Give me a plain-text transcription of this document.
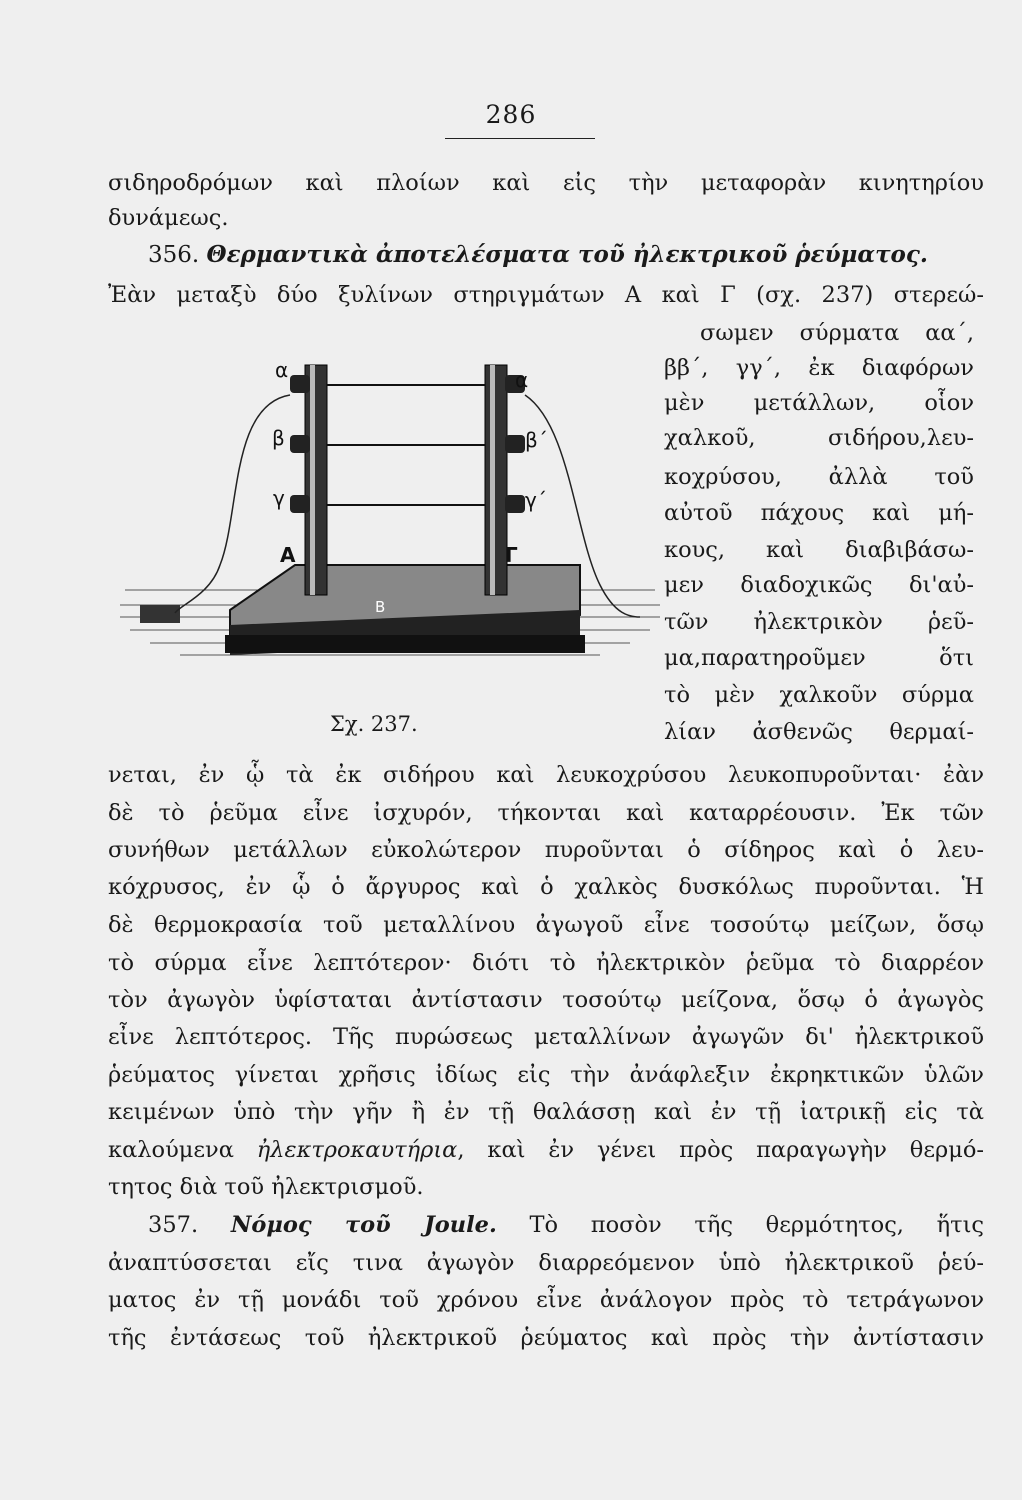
286
σιδηροδρόμων καὶ πλοίων καὶ εἰς τὴν μεταφορὰν κινητηρίου
δυνάμεως.
356. Θερμαντικὰ ἀποτελέσματα τοῦ ἠλεκτρικοῦ ῥεύματος.
Ἐὰν μεταξὺ δύο ξυλίνων στηριγμάτων Α καὶ Γ (σχ. 237) στερεώ-
σωμεν σύρματα αα΄,
ββ΄, γγ΄, ἐκ διαφόρων
μὲν μετάλλων, οἷον
χαλκοῦ, σιδήρου,λευ-
κοχρύσου, ἀλλὰ τοῦ
αὐτοῦ πάχους καὶ μή-
κους, καὶ διαβιβάσω-
μεν διαδοχικῶς δι'αὐ-
τῶν ἠλεκτρικὸν ῥεῦ-
μα,παρατηροῦμεν ὅτι
τὸ μὲν χαλκοῦν σύρμα
λίαν ἀσθενῶς θερμαί-
α	α
β	β΄
γ	γ΄
Α	Γ
Β
Σχ. 237.
νεται, ἐν ᾧ τὰ ἐκ σιδήρου καὶ λευκοχρύσου λευκοπυροῦνται· ἐὰν
δὲ τὸ ῥεῦμα εἶνε ἰσχυρόν, τήκονται καὶ καταρρέουσιν. Ἐκ τῶν
συνήθων μετάλλων εὐκολώτερον πυροῦνται ὁ σίδηρος καὶ ὁ λευ-
κόχρυσος, ἐν ᾧ ὁ ἄργυρος καὶ ὁ χαλκὸς δυσκόλως πυροῦνται. Ἡ
δὲ θερμοκρασία τοῦ μεταλλίνου ἀγωγοῦ εἶνε τοσούτῳ μείζων, ὅσῳ
τὸ σύρμα εἶνε λεπτότερον· διότι τὸ ἠλεκτρικὸν ῥεῦμα τὸ διαρρέον
τὸν ἀγωγὸν ὑφίσταται ἀντίστασιν τοσούτῳ μείζονα, ὅσῳ ὁ ἀγωγὸς
εἶνε λεπτότερος. Τῆς πυρώσεως μεταλλίνων ἀγωγῶν δι' ἠλεκτρικοῦ
ῥεύματος γίνεται χρῆσις ἰδίως εἰς τὴν ἀνάφλεξιν ἐκρηκτικῶν ὑλῶν
κειμένων ὑπὸ τὴν γῆν ἢ ἐν τῇ θαλάσσῃ καὶ ἐν τῇ ἰατρικῇ εἰς τὰ
καλούμενα ἠλεκτροκαυτήρια, καὶ ἐν γένει πρὸς παραγωγὴν θερμό-
τητος διὰ τοῦ ἠλεκτρισμοῦ.
357. Νόμος τοῦ Joule. Τὸ ποσὸν τῆς θερμότητος, ἥτις
ἀναπτύσσεται εἴς τινα ἀγωγὸν διαρρεόμενον ὑπὸ ἠλεκτρικοῦ ῥεύ-
ματος ἐν τῇ μονάδι τοῦ χρόνου εἶνε ἀνάλογον πρὸς τὸ τετράγωνον
τῆς ἐντάσεως τοῦ ἠλεκτρικοῦ ῥεύματος καὶ πρὸς τὴν ἀντίστασιν
